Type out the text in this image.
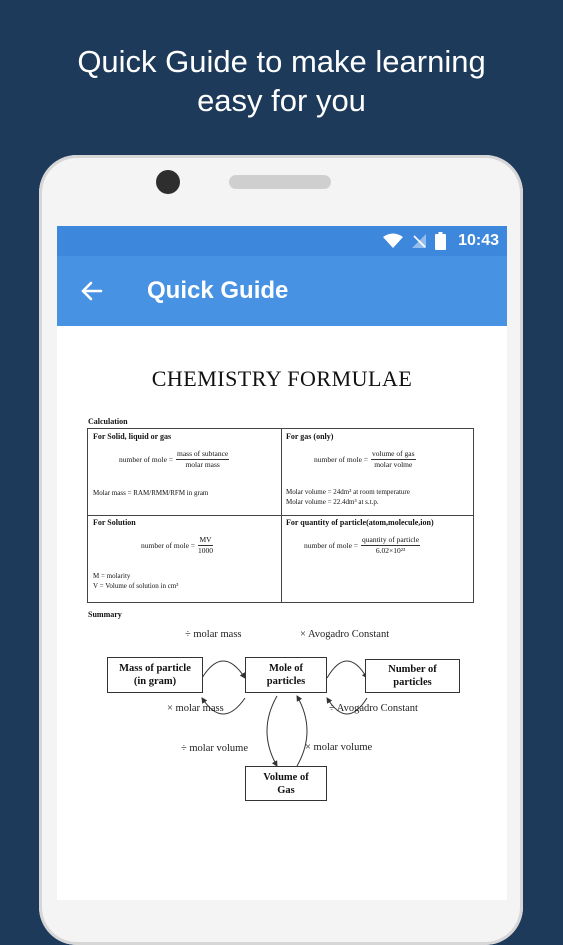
Quick Guide to make learning
easy for you
10:43
Quick Guide
CHEMISTRY FORMULAE
Calculation
For Solid, liquid or gas
number of mole = $\frac{\text{mass of subtance}}{\text{molar mass}}$
Molar mass = RAM/RMM/RFM in gram
For gas (only)
number of mole = $\frac{\text{volume of gas}}{\text{molar volme}}$
Molar volume = 24dm³ at room temperature
Molar volume = 22.4dm³ at s.t.p.
For Solution
number of mole = $\frac{MV}{1000}$
M = molarity
V = Volume of solution in cm³
For quantity of particle(atom,molecule,ion)
number of mole = $\frac{\text{quantity of particle}}{\text{6.02×10²³}}$
Summary
Mass of particle
(in gram)
Mole of
particles
Number of
particles
Volume of
Gas
÷ molar mass	× Avogadro Constant
× molar mass	÷ Avogadro Constant
÷ molar volume	× molar volume
